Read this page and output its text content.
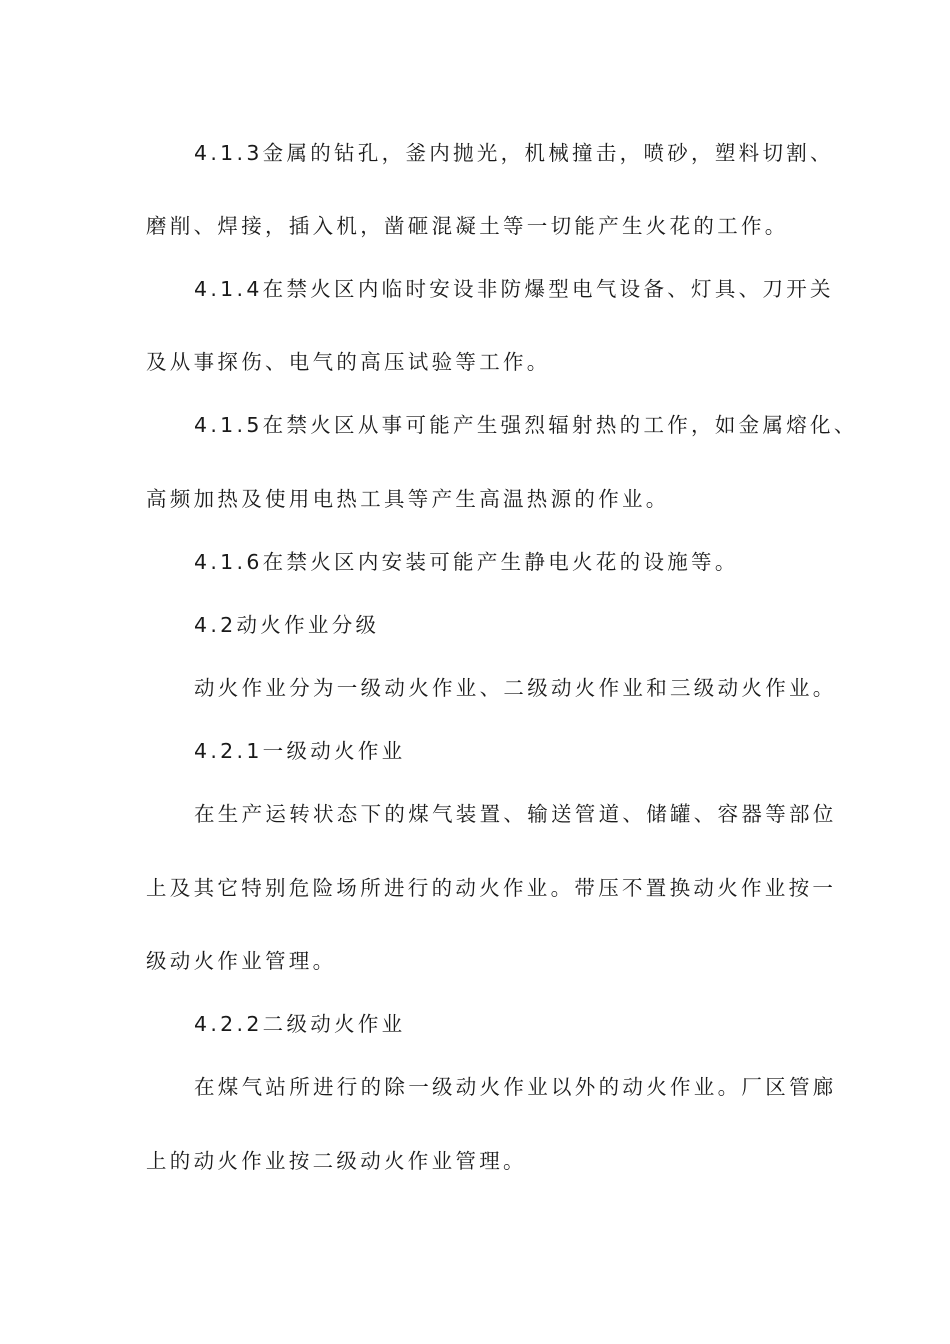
4.1.3金属的钻孔，釜内抛光，机械撞击，喷砂，塑料切割、
磨削、焊接，插入机，凿砸混凝土等一切能产生火花的工作。
4.1.4在禁火区内临时安设非防爆型电气设备、灯具、刀开关
及从事探伤、电气的高压试验等工作。
4.1.5在禁火区从事可能产生强烈辐射热的工作，如金属熔化、
高频加热及使用电热工具等产生高温热源的作业。
4.1.6在禁火区内安装可能产生静电火花的设施等。
4.2动火作业分级
动火作业分为一级动火作业、二级动火作业和三级动火作业。
4.2.1一级动火作业
在生产运转状态下的煤气装置、输送管道、储罐、容器等部位
上及其它特别危险场所进行的动火作业。带压不置换动火作业按一
级动火作业管理。
4.2.2二级动火作业
在煤气站所进行的除一级动火作业以外的动火作业。厂区管廊
上的动火作业按二级动火作业管理。
